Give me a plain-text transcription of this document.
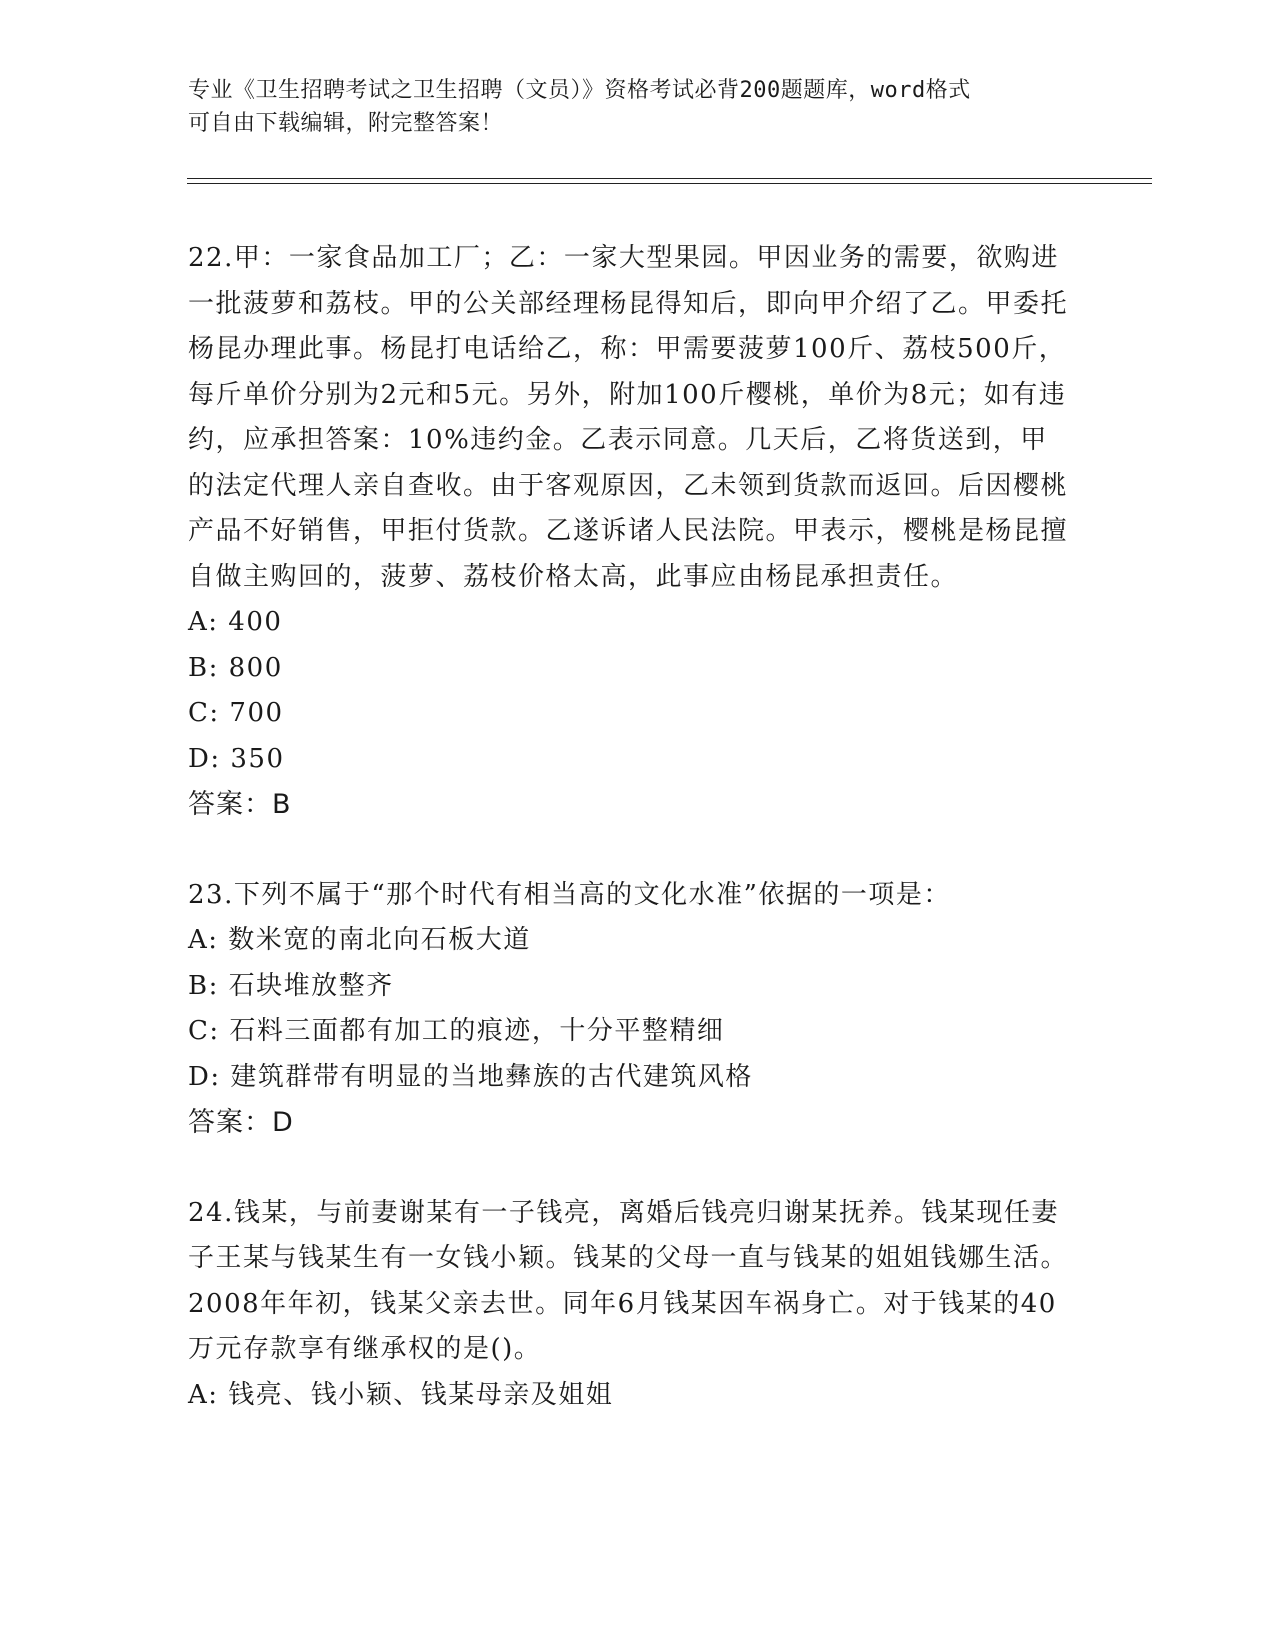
专业《卫生招聘考试之卫生招聘（文员）》资格考试必背200题题库，word格式
可自由下载编辑，附完整答案！

22.甲：一家食品加工厂；乙：一家大型果园。甲因业务的需要，欲购进一批菠萝和荔枝。甲的公关部经理杨昆得知后，即向甲介绍了乙。甲委托杨昆办理此事。杨昆打电话给乙，称：甲需要菠萝100斤、荔枝500斤，每斤单价分别为2元和5元。另外，附加100斤樱桃，单价为8元；如有违约，应承担答案：10%违约金。乙表示同意。几天后，乙将货送到，甲的法定代理人亲自查收。由于客观原因，乙未领到货款而返回。后因樱桃产品不好销售，甲拒付货款。乙遂诉诸人民法院。甲表示，樱桃是杨昆擅自做主购回的，菠萝、荔枝价格太高，此事应由杨昆承担责任。

A: 400

B: 800

C: 700

D: 350

答案：B

23.下列不属于“那个时代有相当高的文化水准”依据的一项是：

A: 数米宽的南北向石板大道

B: 石块堆放整齐

C: 石料三面都有加工的痕迹，十分平整精细

D: 建筑群带有明显的当地彝族的古代建筑风格

答案：D

24.钱某，与前妻谢某有一子钱亮，离婚后钱亮归谢某抚养。钱某现任妻子王某与钱某生有一女钱小颖。钱某的父母一直与钱某的姐姐钱娜生活。2008年年初，钱某父亲去世。同年6月钱某因车祸身亡。对于钱某的40万元存款享有继承权的是()。

A: 钱亮、钱小颖、钱某母亲及姐姐
